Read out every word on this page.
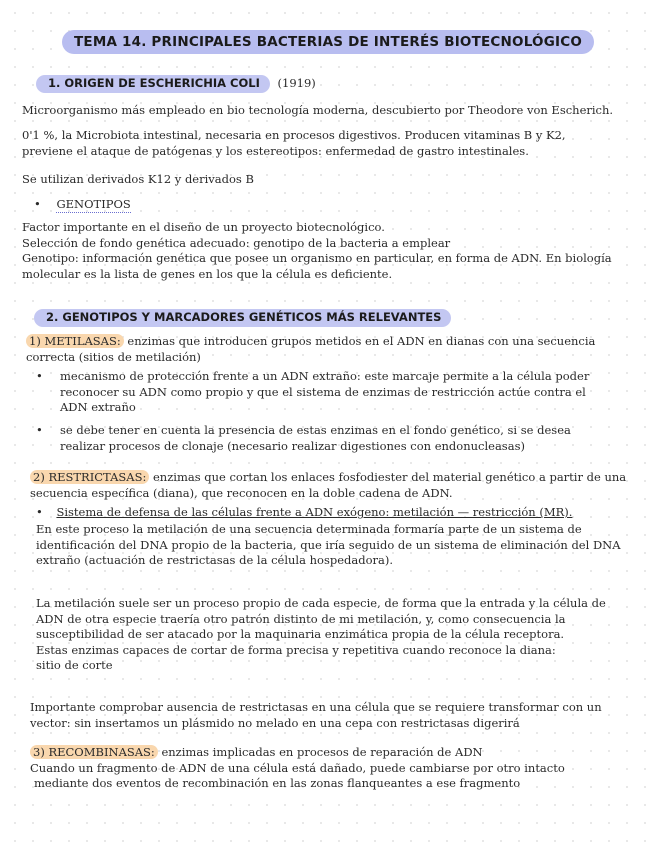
TEMA 14. PRINCIPALES BACTERIAS DE INTERÉS BIOTECNOLÓGICO
1. ORIGEN DE ESCHERICHIA COLI (1919)

Microorganismo más empleado en bio tecnología moderna, descubierto por Theodore von Escherich.

0'1 %, la Microbiota intestinal, necesaria en procesos digestivos. Producen vitaminas B y K2,
previene el ataque de patógenas y los estereotipos: enfermedad de gastro intestinales.

Se utilizan derivados K12 y derivados B

• GENOTIPOS

Factor importante en el diseño de un proyecto biotecnológico.
Selección de fondo genética adecuado: genotipo de la bacteria a emplear
Genotipo: información genética que posee un organismo en particular, en forma de ADN. En biología
molecular es la lista de genes en los que la célula es deficiente.

2. GENOTIPOS Y MARCADORES GENÉTICOS MÁS RELEVANTES

1) METILASAS: enzimas que introducen grupos metidos en el ADN en dianas con una secuencia
correcta (sitios de metilación)

• mecanismo de protección frente a un ADN extraño: este marcaje permite a la célula poder
reconocer su ADN como propio y que el sistema de enzimas de restricción actúe contra el
ADN extraño
• se debe tener en cuenta la presencia de estas enzimas en el fondo genético, si se desea
realizar procesos de clonaje (necesario realizar digestiones con endonucleasas)

2) RESTRICTASAS: enzimas que cortan los enlaces fosfodiester del material genético a partir de una
secuencia específica (diana), que reconocen en la doble cadena de ADN.

• Sistema de defensa de las células frente a ADN exógeno: metilación — restricción (MR).

En este proceso la metilación de una secuencia determinada formaría parte de un sistema de
identificación del DNA propio de la bacteria, que iría seguido de un sistema de eliminación del DNA
extraño (actuación de restrictasas de la célula hospedadora).

La metilación suele ser un proceso propio de cada especie, de forma que la entrada y la célula de
ADN de otra especie traería otro patrón distinto de mi metilación, y, como consecuencia la
susceptibilidad de ser atacado por la maquinaria enzimática propia de la célula receptora.
Estas enzimas capaces de cortar de forma precisa y repetitiva cuando reconoce la diana:
sitio de corte

Importante comprobar ausencia de restrictasas en una célula que se requiere transformar con un
vector: sin insertamos un plásmido no melado en una cepa con restrictasas digerirá

3) RECOMBINASAS: enzimas implicadas en procesos de reparación de ADN
Cuando un fragmento de ADN de una célula está dañado, puede cambiarse por otro intacto
mediante dos eventos de recombinación en las zonas flanqueantes a ese fragmento
